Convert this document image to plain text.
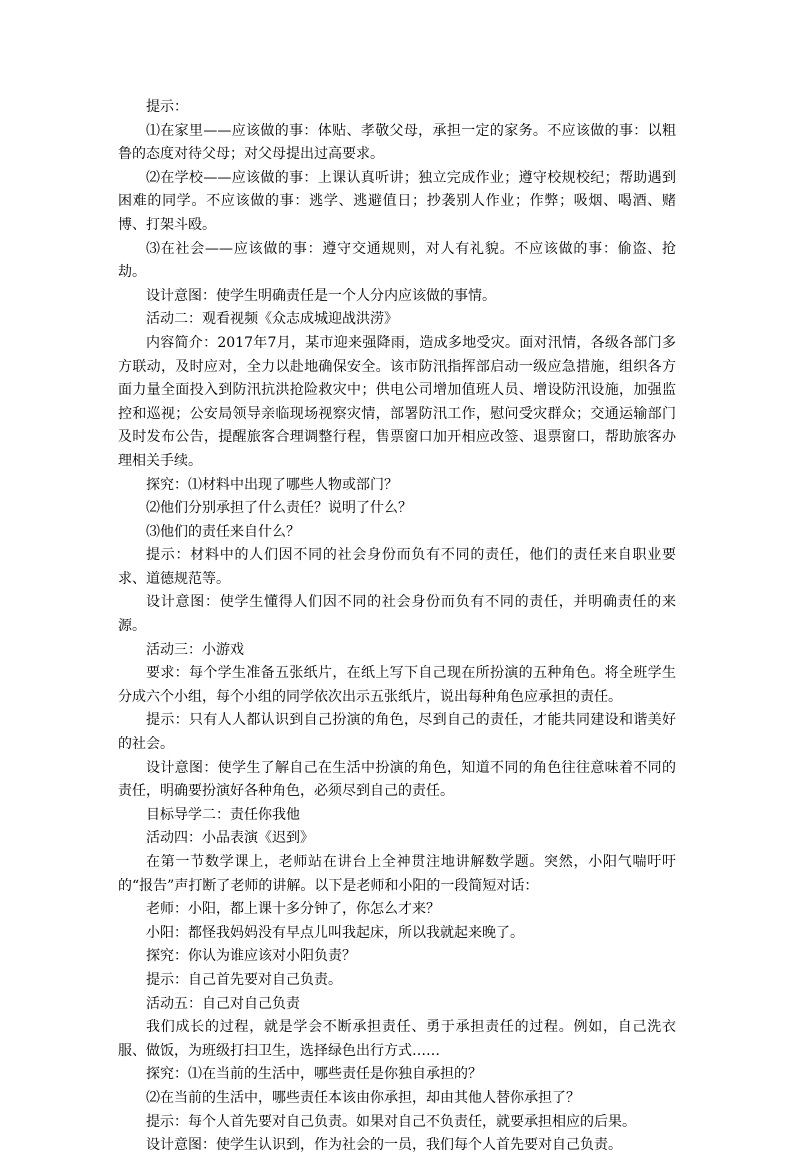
提示：

⑴在家里——应该做的事：体贴、孝敬父母，承担一定的家务。不应该做的事：以粗鲁的态度对待父母；对父母提出过高要求。

⑵在学校——应该做的事：上课认真听讲；独立完成作业；遵守校规校纪；帮助遇到困难的同学。不应该做的事：逃学、逃避值日；抄袭别人作业；作弊；吸烟、喝酒、赌博、打架斗殴。

⑶在社会——应该做的事：遵守交通规则，对人有礼貌。不应该做的事：偷盗、抢劫。

设计意图：使学生明确责任是一个人分内应该做的事情。

活动二：观看视频《众志成城迎战洪涝》

内容简介：2017年7月，某市迎来强降雨，造成多地受灾。面对汛情，各级各部门多方联动，及时应对，全力以赴地确保安全。该市防汛指挥部启动一级应急措施，组织各方面力量全面投入到防汛抗洪抢险救灾中；供电公司增加值班人员、增设防汛设施，加强监控和巡视；公安局领导亲临现场视察灾情，部署防汛工作，慰问受灾群众；交通运输部门及时发布公告，提醒旅客合理调整行程，售票窗口加开相应改签、退票窗口，帮助旅客办理相关手续。

探究：⑴材料中出现了哪些人物或部门？

⑵他们分别承担了什么责任？说明了什么？

⑶他们的责任来自什么？

提示：材料中的人们因不同的社会身份而负有不同的责任，他们的责任来自职业要求、道德规范等。

设计意图：使学生懂得人们因不同的社会身份而负有不同的责任，并明确责任的来源。

活动三：小游戏

要求：每个学生准备五张纸片，在纸上写下自己现在所扮演的五种角色。将全班学生分成六个小组，每个小组的同学依次出示五张纸片，说出每种角色应承担的责任。

提示：只有人人都认识到自己扮演的角色，尽到自己的责任，才能共同建设和谐美好的社会。

设计意图：使学生了解自己在生活中扮演的角色，知道不同的角色往往意味着不同的责任，明确要扮演好各种角色，必须尽到自己的责任。

目标导学二：责任你我他

活动四：小品表演《迟到》

在第一节数学课上，老师站在讲台上全神贯注地讲解数学题。突然，小阳气喘吁吁的“报告”声打断了老师的讲解。以下是老师和小阳的一段简短对话：

老师：小阳，都上课十多分钟了，你怎么才来？

小阳：都怪我妈妈没有早点儿叫我起床，所以我就起来晚了。

探究：你认为谁应该对小阳负责？

提示：自己首先要对自己负责。

活动五：自己对自己负责

我们成长的过程，就是学会不断承担责任、勇于承担责任的过程。例如，自己洗衣服、做饭，为班级打扫卫生，选择绿色出行方式……

探究：⑴在当前的生活中，哪些责任是你独自承担的？

⑵在当前的生活中，哪些责任本该由你承担，却由其他人替你承担了？

提示：每个人首先要对自己负责。如果对自己不负责任，就要承担相应的后果。

设计意图：使学生认识到，作为社会的一员，我们每个人首先要对自己负责。
